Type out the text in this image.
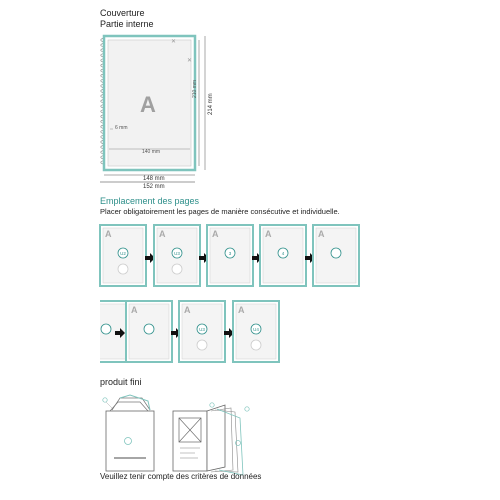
Couverture
Partie interne
A
✕
✕
6 mm
140 mm
210 mm
214 mm
148 mm
152 mm
Emplacement des pages
Placer obligatoirement les pages de manière consécutive et individuelle.
A
U2
A
U3
A
3
A
4
A
A	A
U3
A
U4
produit fini
Veuillez tenir compte des critères de données
